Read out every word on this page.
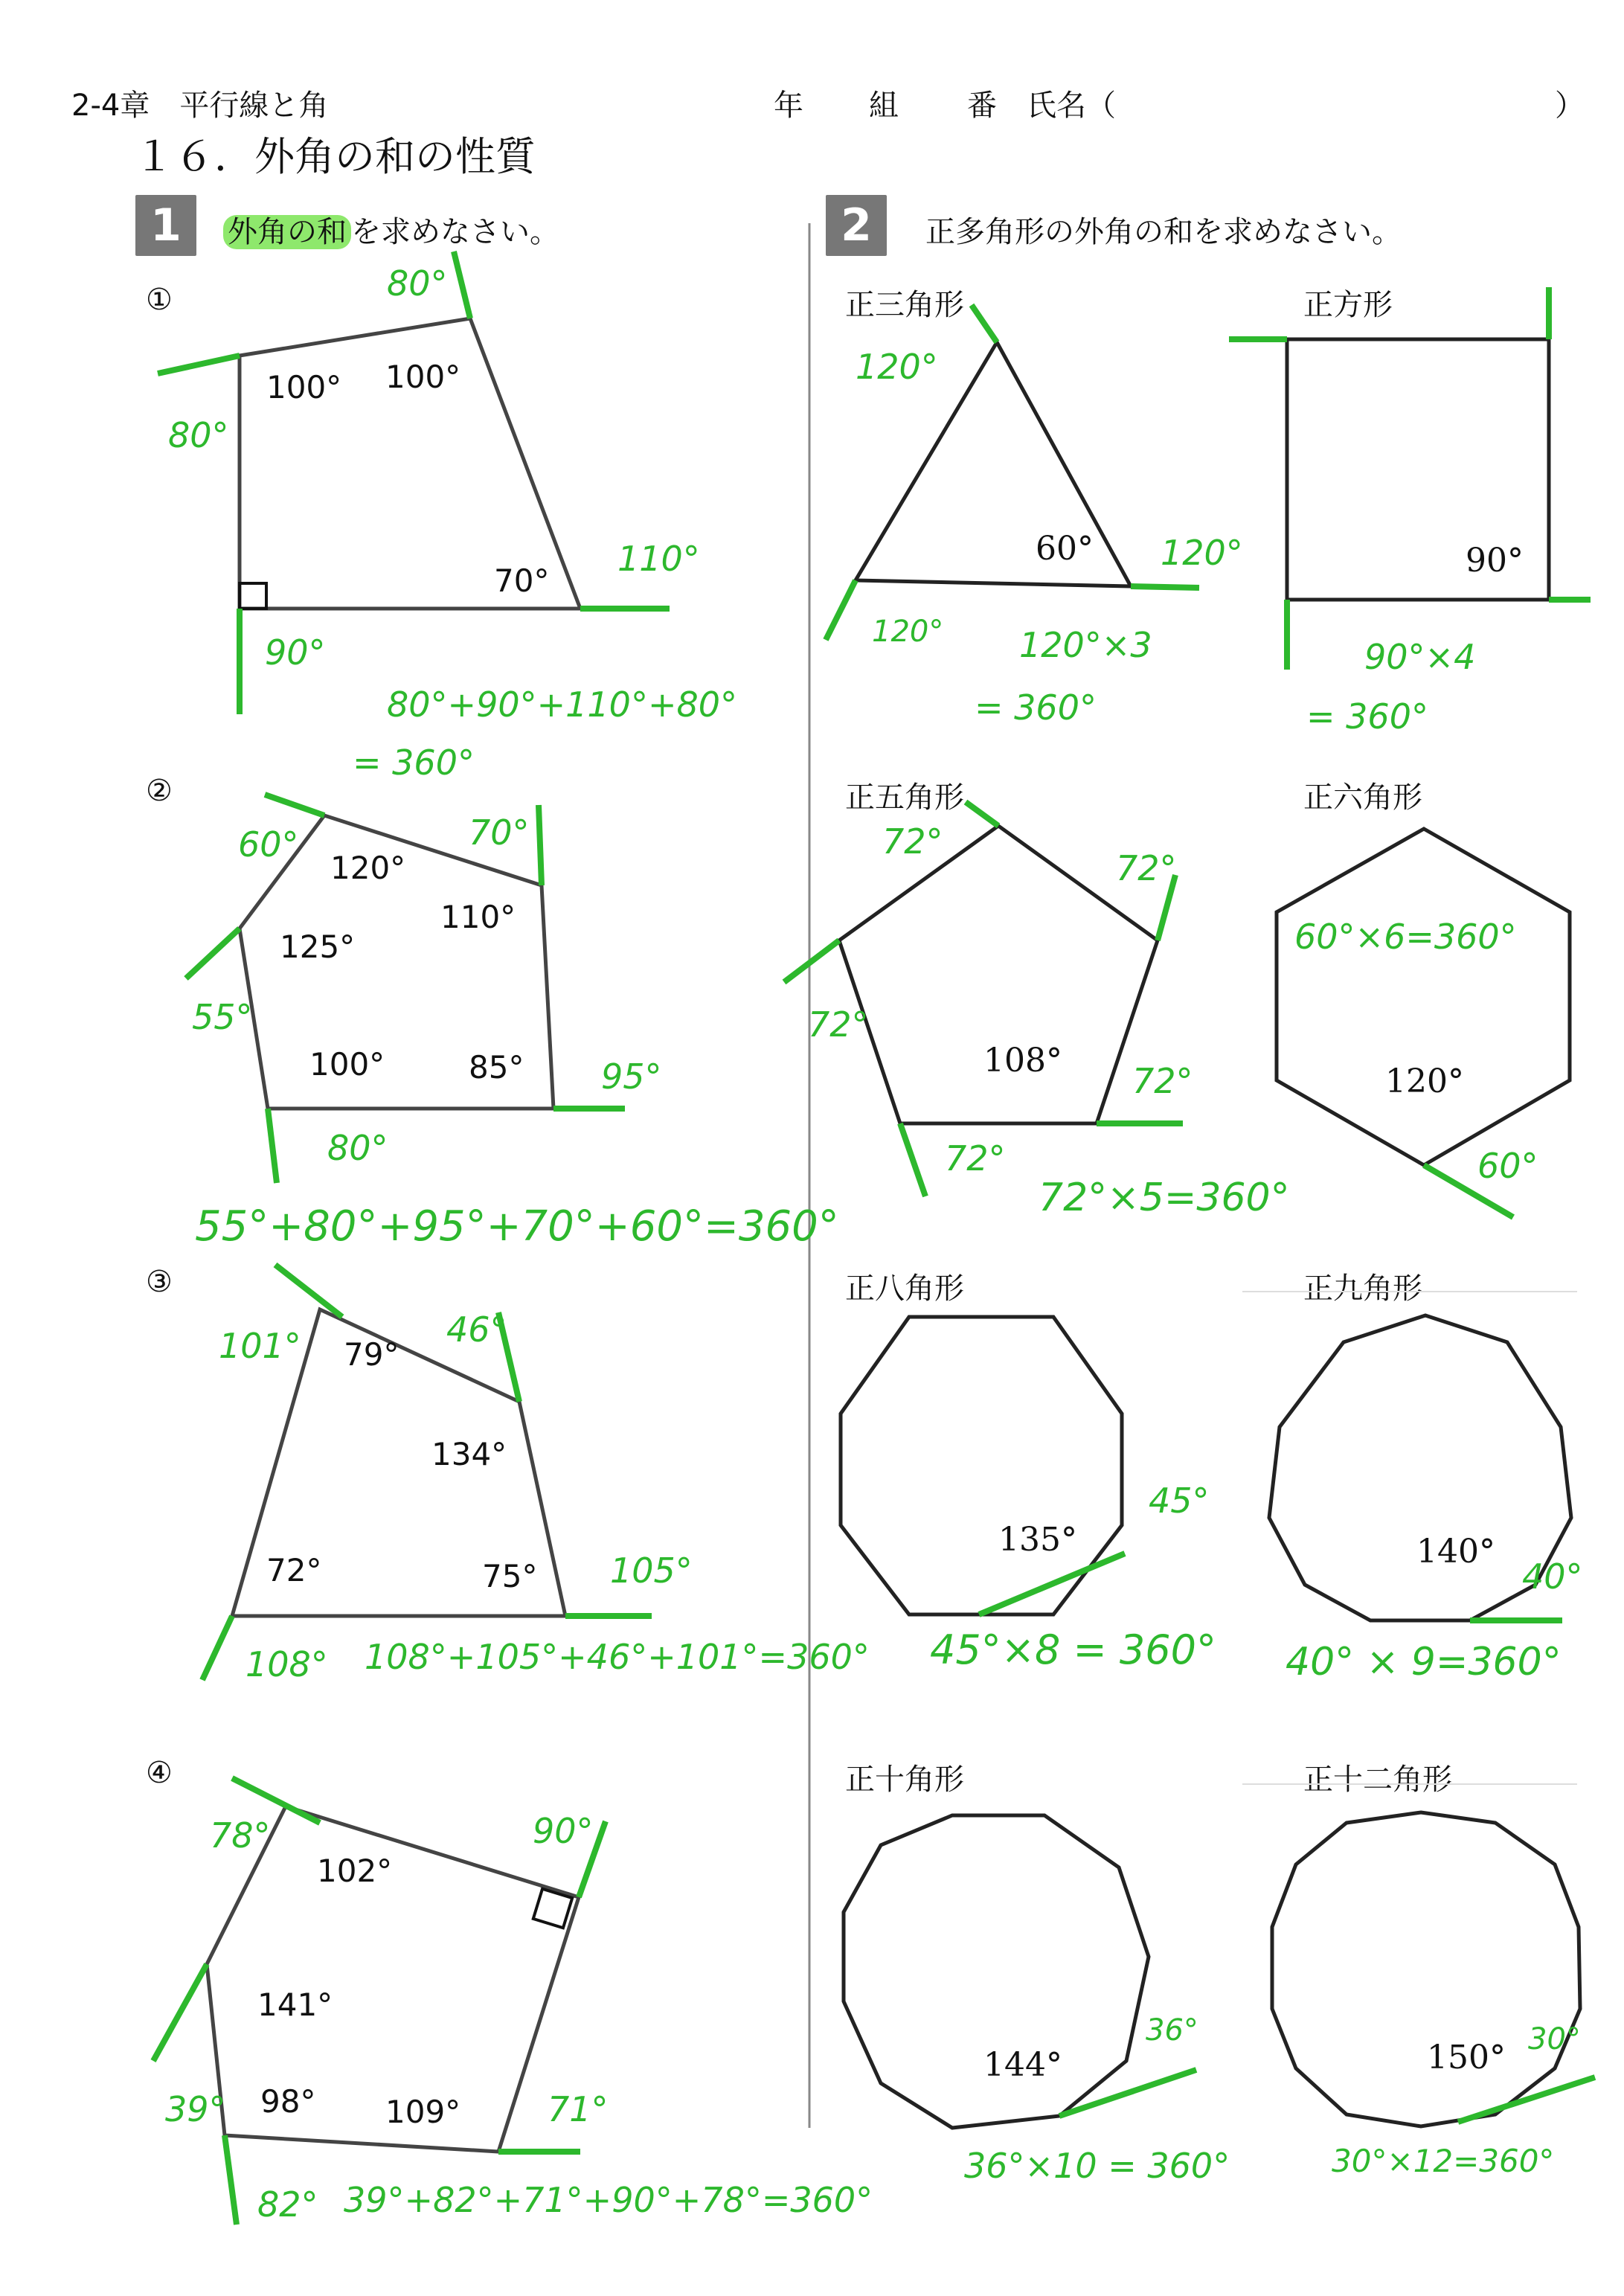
2-4章　平行線と角	年 組 番 氏名（	）
１６．外角の和の性質
1	外角の和 を求めなさい。	2	正多角形の外角の和を求めなさい。
①
②
③
④
正三角形	正方形
正五角形	正六角形
正八角形	正九角形
正十角形	正十二角形
100° 100°
70°
120°
125°
110°
100°	85°
79°
134°
72°	75°
102°
141°
98° 109°
80°
80°
110°
90°
80°+90°+110°+80°
= 360°
60°	70°
55°
95°
80°
55°+80°+95°+70°+60°=360°
101°	46°
105°
108° 108°+105°+46°+101°=360°
78°	90°
39°	71°
82° 39°+82°+71°+90°+78°=360°
60°	90°
108°
120°
135°	140°
144°	150°
120°
120°
120° 120°×3
= 360°
90°×4
= 360°
72°
72°
72°
72°
72°
72°×5=360°
60°
60°×6=360°
45°
45°×8 = 360°
40°
40° × 9=360°
36°
36°×10 = 360°
30°
30°×12=360°
